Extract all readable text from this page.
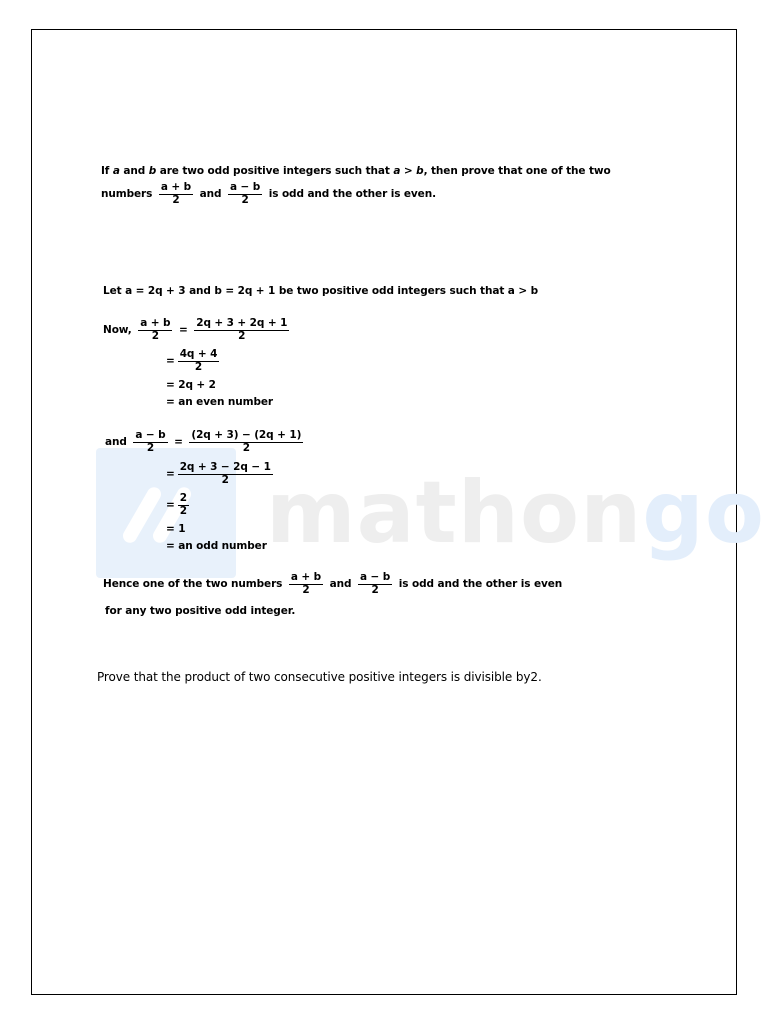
mathongo
If a and b are two odd positive integers such that a > b, then prove that one of the two
numbers $\frac{a + b}{2}$ and $\frac{a - b}{2}$ is odd and the other is even.
Let a = 2q + 3 and b = 2q + 1 be two positive odd integers such that a > b
Now, $\frac{a + b}{2} = \frac{2q + 3 + 2q + 1}{2}$
= $\frac{4q + 4}{2}$
= 2q + 2
= an even number
and $\frac{a - b}{2} = \frac{(2q + 3) - (2q + 1)}{2}$
= $\frac{2q + 3 - 2q - 1}{2}$
= $\frac{2}{2}$
= 1
= an odd number
Hence one of the two numbers $\frac{a + b}{2}$ and $\frac{a - b}{2}$ is odd and the other is even
for any two positive odd integer.
Prove that the product of two consecutive positive integers is divisible by2.
